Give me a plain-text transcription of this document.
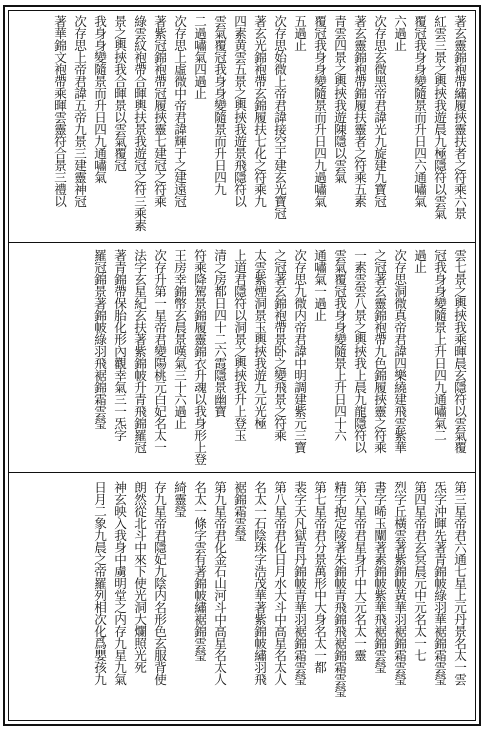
著玄靈錦袍帶繡履挾靈扶者之符乘六景
紅雲三景之輿挾我遊晨九極隱符以雲氣
覆冠我身身變隨景而升日四六通嘯氣
六過止
次存思玄微黑帝君諱光九旋建九寶冠
著玄靈錦袍帶錦履扶靈者之符乘五素
青雲四景之輿挾我遊陳隱以雲氣
覆冠我身身變隨景而升日四九過嘯氣
五過止
次存思始微上帝君諱接空于建玄光寶冠
著玄光錦袍帶玄錦履扶七化之符乘九
四素黄雲五景之輿挾我遊景飛隱符以
雲氣覆冠我身身變隨景而升日四九
二過嘯氣四過止
次存思上虛微中帝君諱輝于之建遠冠
著紫冠錦袍帶冠履挾靈七建冠之符乘
綠雲紋袍帶合暉輿扶景我遊冠之符三乘素
景之輿挾我合暉景以雲氣覆冠
我身身變隨景而升日四九通嘯氣
次存思上帝君諱五帝九景三建靈神冠
著華錦文袍帶乘暉雲靈符合景三禮以
雲七景之輿挾我乘暉晨玄隱符以雲氣覆
冠我身身變隨景上升日四九通嘯氣二
過止
次存思洞微真帝君諱四樂繞建飛雲紫華
之冠著玄靈錦袍帶九色錦履挾靈之符乘
一素雲雲八景之輿挾我上晨九龍隱符以
雲氣覆冠我身身變隨景上升日四十六
通嘯氣一過止
次存思九微内帝君諱中明調建紫元三寶
之冠著玄錦袍帶景卧之變飛景之符乘
太雲紫煙洞景玉輿挾我遊九元光極
上道君隱符以洞景之輿挾我升上登玉
清之房都日四十二六霞隱景幽寶
符乘降駕景錦履靈錦衣升魂以我身形上登
王房幸錦幣玄晨景嘆氣三十六過止
次存升第一星帝君變陽桃元白妃名太一
法字玄星紀玄扶著紫錦帔升青飛錦羅冠
著青錦帶保胎化形內觀幸氣三一炁字
羅冠錦景著錦帔綠羽飛裾錦霜雲瑩
第三星帝君六通七星上元丹景名太一雲
炁字沖暉先著青錦帔綠羽華裾錦霜雲瑩
第四星帝君玄冥晨元中元名太一七
烈字丘橫雲著紫錦帔黃華羽裾錦霜雲瑩
書字晞玉闡著素錦帔紫華飛裾錦雲瑩
第六星帝君星身升中大元名太一靈
精字抱定陵著朱錦帔青飛錦飛裾錦霜雲瑩
第七星帝君分景萬形中大身名太一都
裴字天凡獄青丹錦帔青華羽裾錦霜雲瑩
第八星帝君化日月水大斗中高星名太人
名太一石陰珠字浩茂華著紫錦帔繡羽飛
裾錦霜雲瑩
第九星帝君化金石山河斗中高星名太人
名太一條字雲有著錦帔繡裾錦雲瑩
綺靈瑩
存九星帝君隱妃九陰内名形色玄服背使
朗然從北斗中來下使光洞大爛照光死
神玄映入我身中虜明堂之内存九星九氣
日月二象九晨之帝羅列相次化爲嬰孩九
